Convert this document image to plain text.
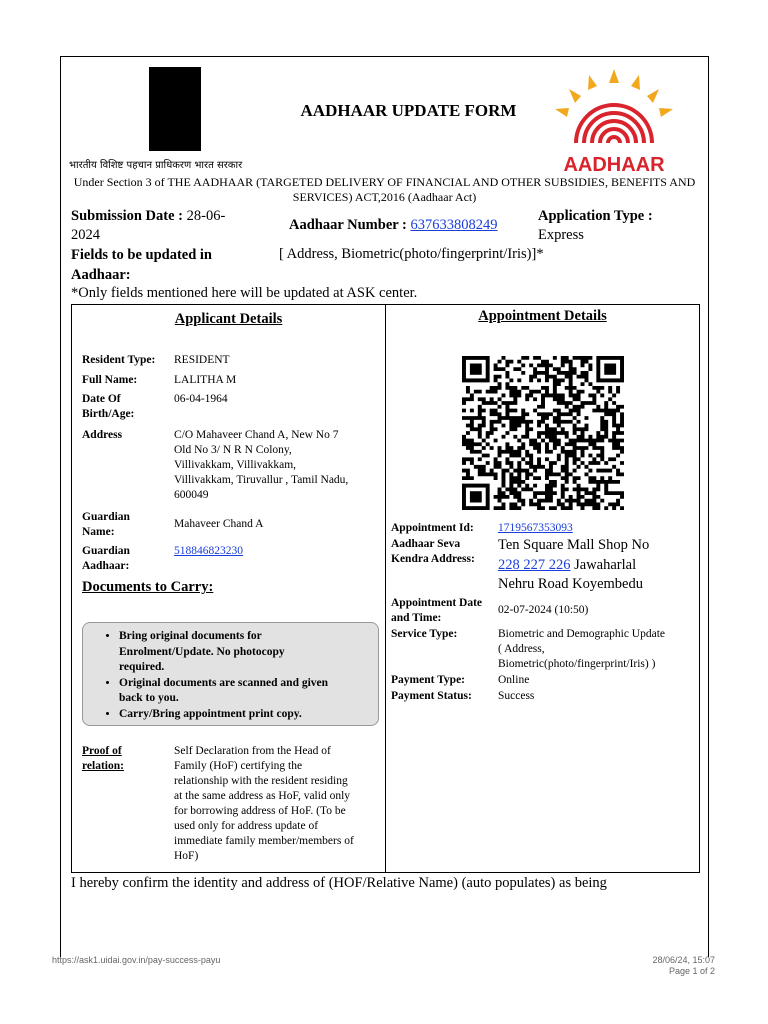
AADHAAR UPDATE FORM
AADHAAR
भारतीय विशिष्ट पहचान प्राधिकरण भारत सरकार
Under Section 3 of THE AADHAAR (TARGETED DELIVERY OF FINANCIAL AND OTHER SUBSIDIES, BENEFITS AND SERVICES) ACT,2016 (Aadhaar Act)
Submission Date : 28-06-
2024
Aadhaar Number : 637633808249
Application Type :
Express
Fields to be updated in
Aadhaar:
[ Address, Biometric(photo/fingerprint/Iris)]*
*Only fields mentioned here will be updated at ASK center.
Applicant Details
Resident Type: RESIDENT
Full Name:	LALITHA M
Date Of
Birth/Age:
06-04-1964
Address	C/O Mahaveer Chand A, New No 7
Old No 3/ N R N Colony,
Villivakkam, Villivakkam,
Villivakkam, Tiruvallur , Tamil Nadu,
600049
Guardian
Name:
Mahaveer Chand A
Guardian
Aadhaar:
518846823230
Documents to Carry:
• Bring original documents for
Enrolment/Update. No photocopy
required.
• Original documents are scanned and given
back to you.
• Carry/Bring appointment print copy.
Proof of
relation:
Self Declaration from the Head of
Family (HoF) certifying the
relationship with the resident residing
at the same address as HoF, valid only
for borrowing address of HoF. (To be
used only for address update of
immediate family member/members of
HoF)
Appointment Details
Appointment Id: 1719567353093
Aadhaar Seva
Kendra Address:
Ten Square Mall Shop No
228 227 226 Jawaharlal
Nehru Road Koyembedu
Appointment Date
and Time:
02-07-2024 (10:50)
Service Type:	Biometric and Demographic Update
( Address,
Biometric(photo/fingerprint/Iris) )
Payment Type:	Online
Payment Status: Success
I hereby confirm the identity and address of (HOF/Relative Name) (auto populates) as being
https://ask1.uidai.gov.in/pay-success-payu	28/06/24, 15:07
Page 1 of 2
